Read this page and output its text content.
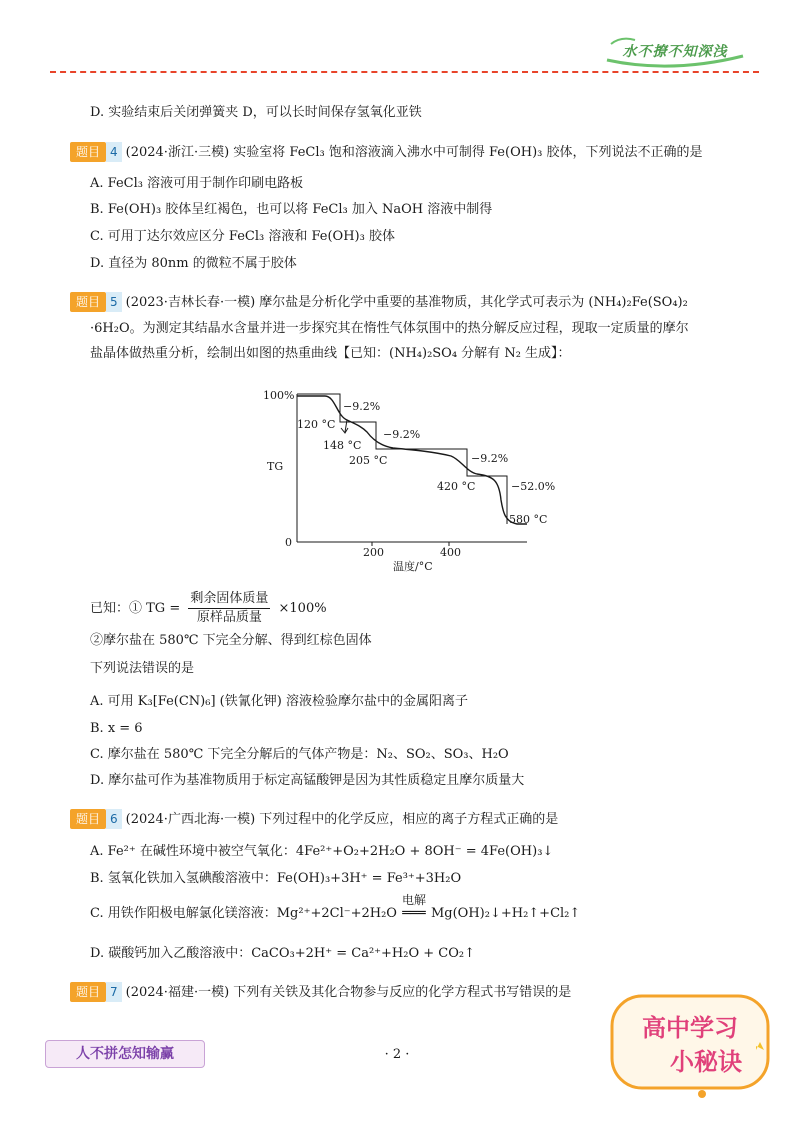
水不撩不知深浅
D. 实验结束后关闭弹簧夹 D，可以长时间保存氢氧化亚铁
题目 4 (2024·浙江·三模) 实验室将 FeCl₃ 饱和溶液滴入沸水中可制得 Fe(OH)₃ 胶体，下列说法不正确的是
A. FeCl₃ 溶液可用于制作印刷电路板
B. Fe(OH)₃ 胶体呈红褐色，也可以将 FeCl₃ 加入 NaOH 溶液中制得
C. 可用丁达尔效应区分 FeCl₃ 溶液和 Fe(OH)₃ 胶体
D. 直径为 80nm 的微粒不属于胶体
题目 5 (2023·吉林长春·一模) 摩尔盐是分析化学中重要的基准物质，其化学式可表示为 (NH₄)₂Fe(SO₄)₂
·6H₂O。为测定其结晶水含量并进一步探究其在惰性气体氛围中的热分解反应过程，现取一定质量的摩尔
盐晶体做热重分析，绘制出如图的热重曲线【已知：(NH₄)₂SO₄ 分解有 N₂ 生成】：
100%
0
TG
200	400
温度/°C
−9.2%
−9.2%
−9.2%
−52.0%
120 °C
148 °C
205 °C
420 °C
580 °C
已知：① TG = $\frac{\text{剩余固体质量}}{\text{原样品质量}} \times 100\%$
②摩尔盐在 580℃ 下完全分解、得到红棕色固体
下列说法错误的是
A. 可用 K₃[Fe(CN)₆] (铁氰化钾) 溶液检验摩尔盐中的金属阳离子
B. x = 6
C. 摩尔盐在 580℃ 下完全分解后的气体产物是：N₂、SO₂、SO₃、H₂O
D. 摩尔盐可作为基准物质用于标定高锰酸钾是因为其性质稳定且摩尔质量大
题目 6 (2024·广西北海·一模) 下列过程中的化学反应，相应的离子方程式正确的是
A. Fe²⁺ 在碱性环境中被空气氧化：4Fe²⁺+O₂+2H₂O + 8OH⁻ = 4Fe(OH)₃↓
B. 氢氧化铁加入氢碘酸溶液中：Fe(OH)₃+3H⁺ = Fe³⁺+3H₂O
C. 用铁作阳极电解氯化镁溶液：Mg²⁺+2Cl⁻+2H₂O
电解
═══ Mg(OH)₂↓+H₂↑+Cl₂↑
D. 碳酸钙加入乙酸溶液中：CaCO₃+2H⁺ = Ca²⁺+H₂O + CO₂↑
题目 7 (2024·福建·一模) 下列有关铁及其化合物参与反应的化学方程式书写错误的是
人不拼怎知输赢	· 2 ·
高中学习
小秘诀
